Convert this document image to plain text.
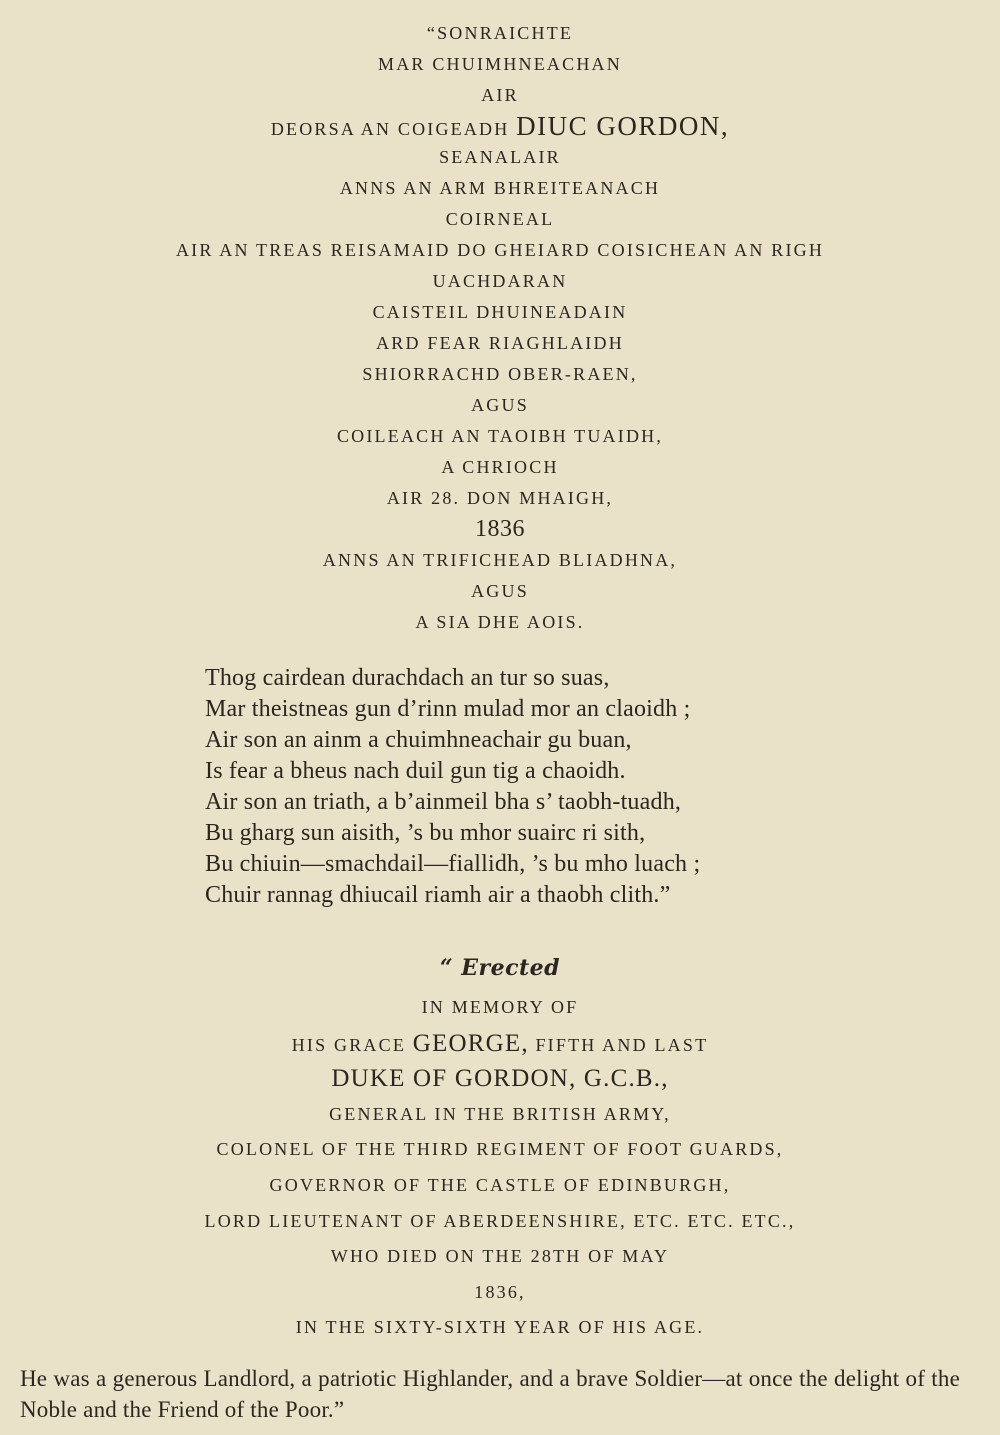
“SONRAICHTE
MAR CHUIMHNEACHAN
AIR
DEORSA AN COIGEADH DIUC GORDON,
SEANALAIR
ANNS AN ARM BHREITEANACH
COIRNEAL
AIR AN TREAS REISAMAID DO GHEIARD COISICHEAN AN RIGH
UACHDARAN
CAISTEIL DHUINEADAIN
ARD FEAR RIAGHLAIDH
SHIORRACHD OBER-RAEN,
AGUS
COILEACH AN TAOIBH TUAIDH,
A CHRIOCH
AIR 28. DON MHAIGH,
1836
ANNS AN TRIFICHEAD BLIADHNA,
AGUS
A SIA DHE AOIS.
Thog cairdean durachdach an tur so suas,
Mar theistneas gun d’rinn mulad mor an claoidh ;
Air son an ainm a chuimhneachair gu buan,
Is fear a bheus nach duil gun tig a chaoidh.
Air son an triath, a b’ainmeil bha s’ taobh-tuadh,
Bu gharg sun aisith, ’s bu mhor suairc ri sith,
Bu chiuin—smachdail—fiallidh, ’s bu mho luach ;
Chuir rannag dhiucail riamh air a thaobh clith.”
“ Erected
IN MEMORY OF
HIS GRACE GEORGE, FIFTH AND LAST
DUKE OF GORDON, G.C.B.,
GENERAL IN THE BRITISH ARMY,
COLONEL OF THE THIRD REGIMENT OF FOOT GUARDS,
GOVERNOR OF THE CASTLE OF EDINBURGH,
LORD LIEUTENANT OF ABERDEENSHIRE, ETC. ETC. ETC.,
WHO DIED ON THE 28TH OF MAY
1836,
IN THE SIXTY-SIXTH YEAR OF HIS AGE.
He was a generous Landlord, a patriotic Highlander, and a brave Soldier—at once the delight of the Noble and the Friend of the Poor.”
